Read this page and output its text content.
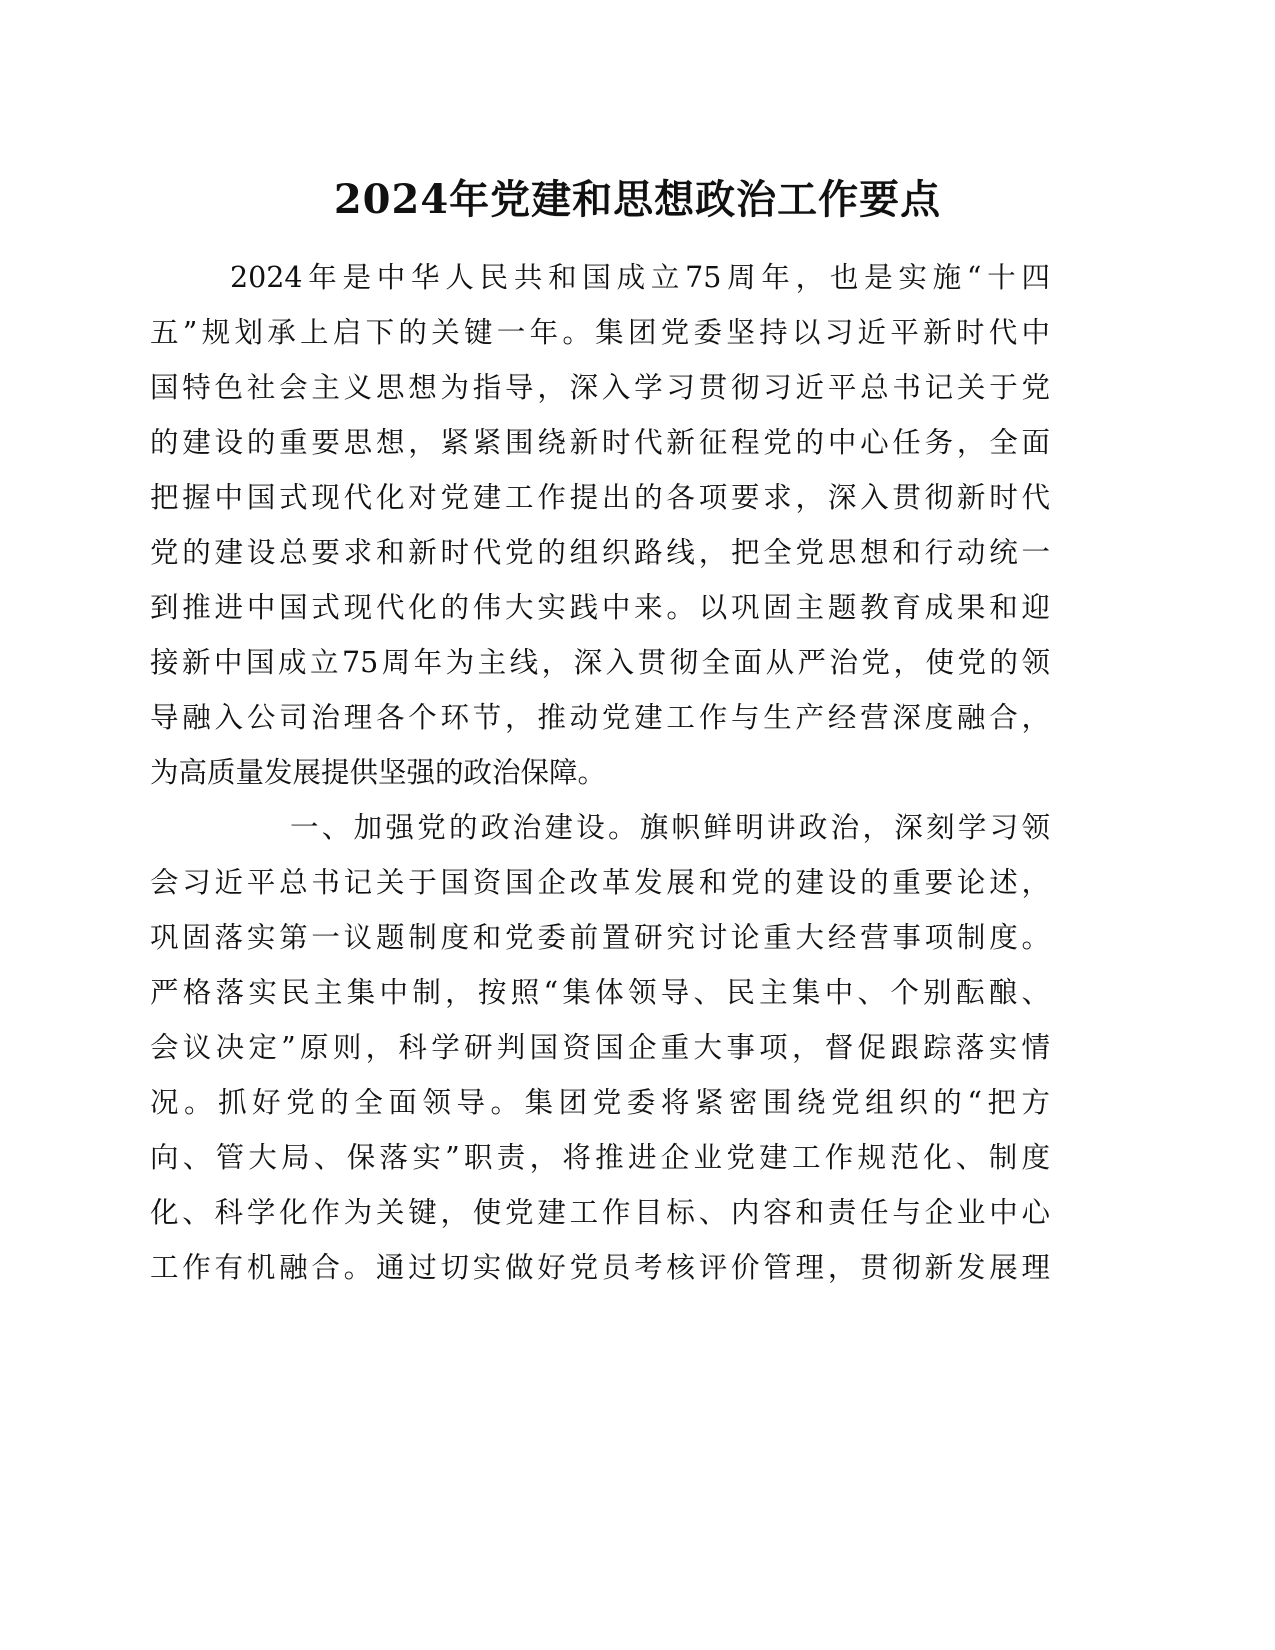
2024年党建和思想政治工作要点
2024年是中华人民共和国成立75周年，也是实施“十四
五”规划承上启下的关键一年。集团党委坚持以习近平新时代中
国特色社会主义思想为指导，深入学习贯彻习近平总书记关于党
的建设的重要思想，紧紧围绕新时代新征程党的中心任务，全面
把握中国式现代化对党建工作提出的各项要求，深入贯彻新时代
党的建设总要求和新时代党的组织路线，把全党思想和行动统一
到推进中国式现代化的伟大实践中来。以巩固主题教育成果和迎
接新中国成立75周年为主线，深入贯彻全面从严治党，使党的领
导融入公司治理各个环节，推动党建工作与生产经营深度融合，
为高质量发展提供坚强的政治保障。
一、加强党的政治建设。旗帜鲜明讲政治，深刻学习领
会习近平总书记关于国资国企改革发展和党的建设的重要论述，
巩固落实第一议题制度和党委前置研究讨论重大经营事项制度。
严格落实民主集中制，按照“集体领导、民主集中、个别酝酿、
会议决定”原则，科学研判国资国企重大事项，督促跟踪落实情
况。抓好党的全面领导。集团党委将紧密围绕党组织的“把方
向、管大局、保落实”职责，将推进企业党建工作规范化、制度
化、科学化作为关键，使党建工作目标、内容和责任与企业中心
工作有机融合。通过切实做好党员考核评价管理，贯彻新发展理
